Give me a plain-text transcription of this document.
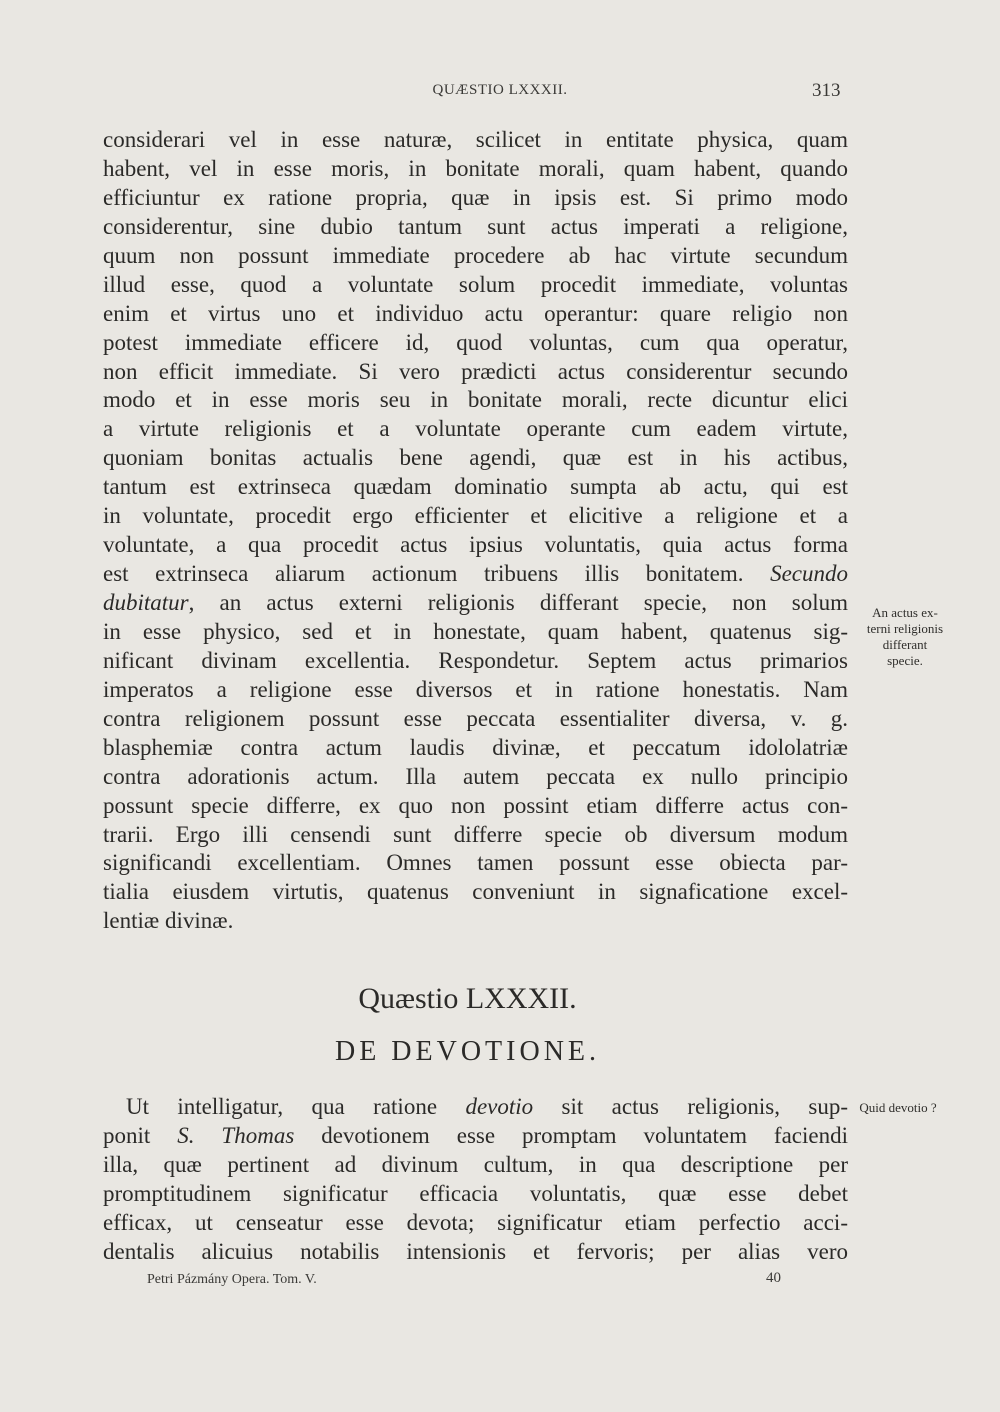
QUÆSTIO LXXXII.	313
considerari vel in esse naturæ, scilicet in entitate physica, quam
habent, vel in esse moris, in bonitate morali, quam habent, quando
efficiuntur ex ratione propria, quæ in ipsis est. Si primo modo
considerentur, sine dubio tantum sunt actus imperati a religione,
quum non possunt immediate procedere ab hac virtute secundum
illud esse, quod a voluntate solum procedit immediate, voluntas
enim et virtus uno et individuo actu operantur: quare religio non
potest immediate efficere id, quod voluntas, cum qua operatur,
non efficit immediate. Si vero prædicti actus considerentur secundo
modo et in esse moris seu in bonitate morali, recte dicuntur elici
a virtute religionis et a voluntate operante cum eadem virtute,
quoniam bonitas actualis bene agendi, quæ est in his actibus,
tantum est extrinseca quædam dominatio sumpta ab actu, qui est
in voluntate, procedit ergo efficienter et elicitive a religione et a
voluntate, a qua procedit actus ipsius voluntatis, quia actus forma
est extrinseca aliarum actionum tribuens illis bonitatem. Secundo
dubitatur, an actus externi religionis differant specie, non solum
in esse physico, sed et in honestate, quam habent, quatenus sig-
nificant divinam excellentia. Respondetur. Septem actus primarios
imperatos a religione esse diversos et in ratione honestatis. Nam
contra religionem possunt esse peccata essentialiter diversa, v. g.
blasphemiæ contra actum laudis divinæ, et peccatum idololatriæ
contra adorationis actum. Illa autem peccata ex nullo principio
possunt specie differre, ex quo non possint etiam differre actus con-
trarii. Ergo illi censendi sunt differre specie ob diversum modum
significandi excellentiam. Omnes tamen possunt esse obiecta par-
tialia eiusdem virtutis, quatenus conveniunt in signaficatione excel-
lentiæ divinæ.
An actus ex-
terni religionis
differant
specie.
Quæstio LXXXII.
DE DEVOTIONE.
 Ut intelligatur, qua ratione devotio sit actus religionis, sup-
ponit S. Thomas devotionem esse promptam voluntatem faciendi
illa, quæ pertinent ad divinum cultum, in qua descriptione per
promptitudinem significatur efficacia voluntatis, quæ esse debet
efficax, ut censeatur esse devota; significatur etiam perfectio acci-
dentalis alicuius notabilis intensionis et fervoris; per alias vero
Quid devotio ?
Petri Pázmány Opera. Tom. V.	40
